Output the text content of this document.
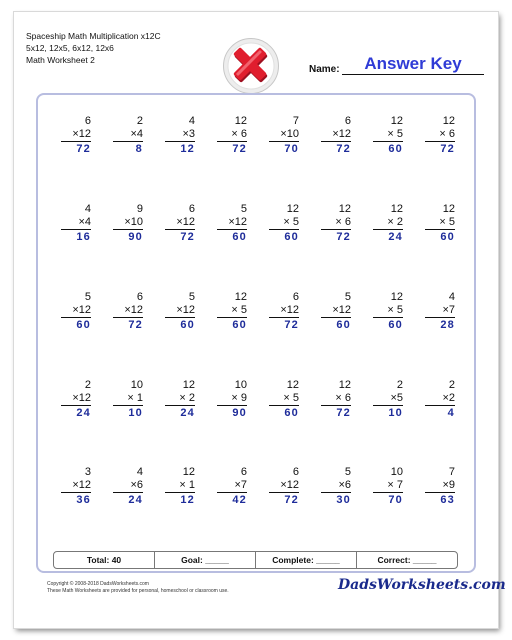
Spaceship Math Multiplication x12C
5x12, 12x5, 6x12, 12x6
Math Worksheet 2
Name:	Answer Key
6
×12
72
2
×4
8
4
×3
12
12
× 6
72
7
×10
70
6
×12
72
12
× 5
60
12
× 6
72
4
×4
16
9
×10
90
6
×12
72
5
×12
60
12
× 5
60
12
× 6
72
12
× 2
24
12
× 5
60
5
×12
60
6
×12
72
5
×12
60
12
× 5
60
6
×12
72
5
×12
60
12
× 5
60
4
×7
28
2
×12
24
10
× 1
10
12
× 2
24
10
× 9
90
12
× 5
60
12
× 6
72
2
×5
10
2
×2
4
3
×12
36
4
×6
24
12
× 1
12
6
×7
42
6
×12
72
5
×6
30
10
× 7
70
7
×9
63
Total: 40	Goal: _____	Complete: _____	Correct: _____
Copyright © 2008-2018 DadsWorksheets.com
These Math Worksheets are provided for personal, homeschool or classroom use.	DadsWorksheets.com
